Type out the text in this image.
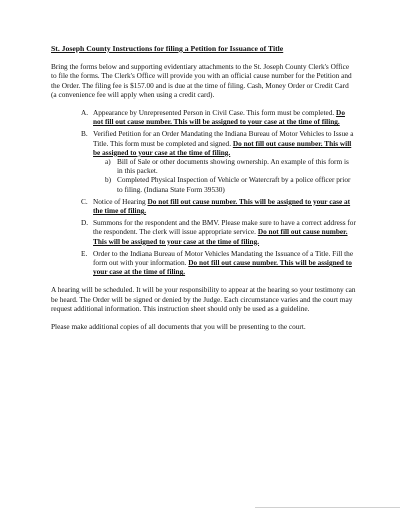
St. Joseph County Instructions for filing a Petition for Issuance of Title

Bring the forms below and supporting evidentiary attachments to the St. Joseph County Clerk's Office to file the forms. The Clerk's Office will provide you with an official cause number for the Petition and the Order. The filing fee is $157.00 and is due at the time of filing. Cash, Money Order or Credit Card (a convenience fee will apply when using a credit card).

A. Appearance by Unrepresented Person in Civil Case. This form must be completed. Do not fill out cause number. This will be assigned to your case at the time of filing.
B. Verified Petition for an Order Mandating the Indiana Bureau of Motor Vehicles to Issue a Title. This form must be completed and signed. Do not fill out cause number. This will be assigned to your case at the time of filing.
a) Bill of Sale or other documents showing ownership. An example of this form is in this packet.
b) Completed Physical Inspection of Vehicle or Watercraft by a police officer prior to filing. (Indiana State Form 39530)
C. Notice of Hearing Do not fill out cause number. This will be assigned to your case at the time of filing.
D. Summons for the respondent and the BMV. Please make sure to have a correct address for the respondent. The clerk will issue appropriate service. Do not fill out cause number. This will be assigned to your case at the time of filing.
E. Order to the Indiana Bureau of Motor Vehicles Mandating the Issuance of a Title. Fill the form out with your information. Do not fill out cause number. This will be assigned to your case at the time of filing.

A hearing will be scheduled. It will be your responsibility to appear at the hearing so your testimony can be heard. The Order will be signed or denied by the Judge. Each circumstance varies and the court may request additional information. This instruction sheet should only be used as a guideline.

Please make additional copies of all documents that you will be presenting to the court.
